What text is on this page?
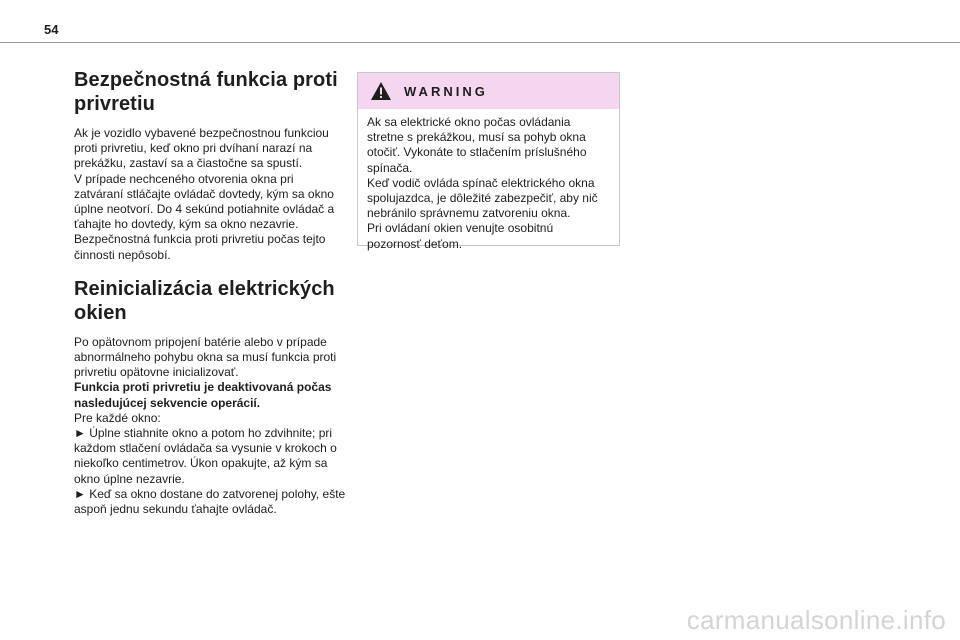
54
Bezpečnostná funkcia proti privretiu

Ak je vozidlo vybavené bezpečnostnou funkciou proti privretiu, keď okno pri dvíhaní narazí na prekážku, zastaví sa a čiastočne sa spustí.

V prípade nechceného otvorenia okna pri zatváraní stláčajte ovládač dovtedy, kým sa okno úplne neotvorí. Do 4 sekúnd potiahnite ovládač a ťahajte ho dovtedy, kým sa okno nezavrie.

Bezpečnostná funkcia proti privretiu počas tejto činnosti nepôsobí.

Reinicializácia elektrických okien

Po opätovnom pripojení batérie alebo v prípade abnormálneho pohybu okna sa musí funkcia proti privretiu opätovne inicializovať.

Funkcia proti privretiu je deaktivovaná počas nasledujúcej sekvencie operácií.

Pre každé okno:

► Úplne stiahnite okno a potom ho zdvihnite; pri každom stlačení ovládača sa vysunie v krokoch o niekoľko centimetrov. Úkon opakujte, až kým sa okno úplne nezavrie.

► Keď sa okno dostane do zatvorenej polohy, ešte aspoň jednu sekundu ťahajte ovládač.

WARNING

Ak sa elektrické okno počas ovládania stretne s prekážkou, musí sa pohyb okna otočiť. Vykonáte to stlačením príslušného spínača.

Keď vodič ovláda spínač elektrického okna spolujazdca, je dôležité zabezpečiť, aby nič nebránilo správnemu zatvoreniu okna.

Pri ovládaní okien venujte osobitnú pozornosť deťom.

carmanualsonline.info
